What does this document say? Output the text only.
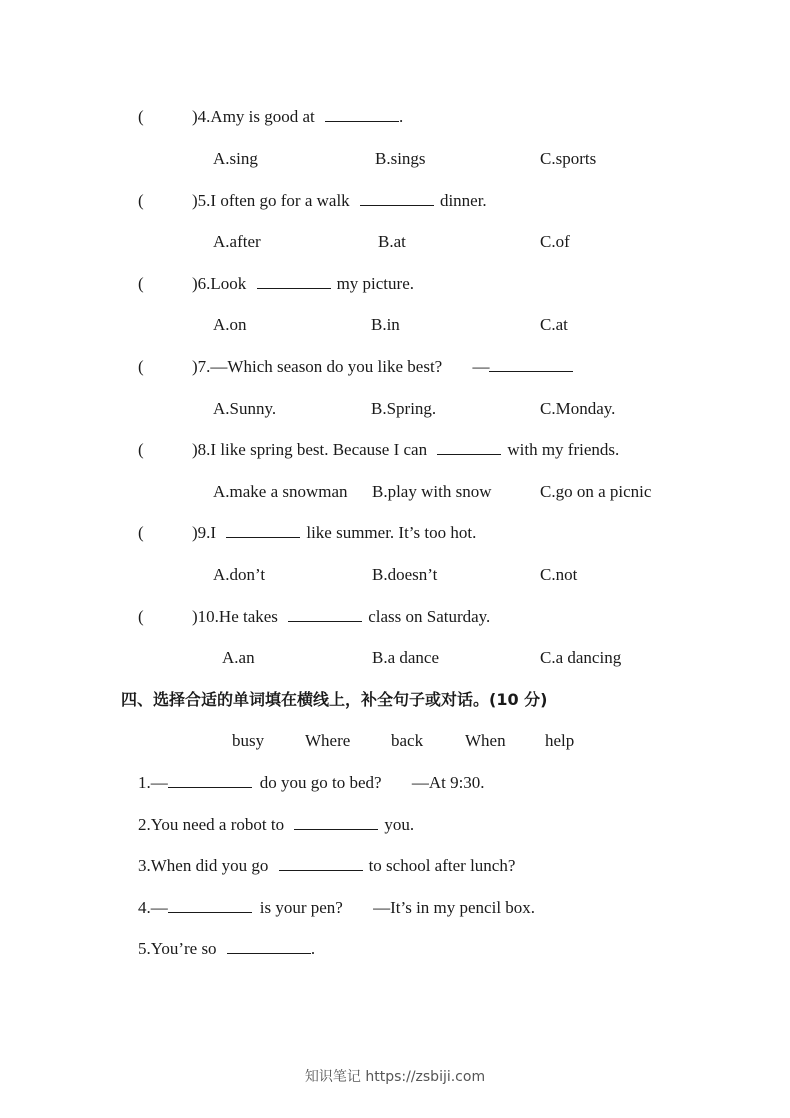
(	)4.Amy is good at	.
A.sing	B.sings	C.sports
(	)5.I often go for a walk	dinner.
A.after	B.at	C.of
(	)6.Look	my picture.
A.on	B.in	C.at
(	)7.—Which season do you like best? —
A.Sunny.	B.Spring.	C.Monday.
(	)8.I like spring best. Because I can	with my friends.
A.make a snowman B.play with snow	C.go on a picnic
(	)9.I	like summer. It’s too hot.
A.don’t	B.doesn’t	C.not
(	)10.He takes	class on Saturday.
A.an	B.a dance	C.a dancing
四、选择合适的单词填在横线上，补全句子或对话。(10 分)
busy Where back When help
1.—	do you go to bed? —At 9:30.
2.You need a robot to	you.
3.When did you go	to school after lunch?
4.—	is your pen? —It’s in my pencil box.
5.You’re so	.
知识笔记 https://zsbiji.com
